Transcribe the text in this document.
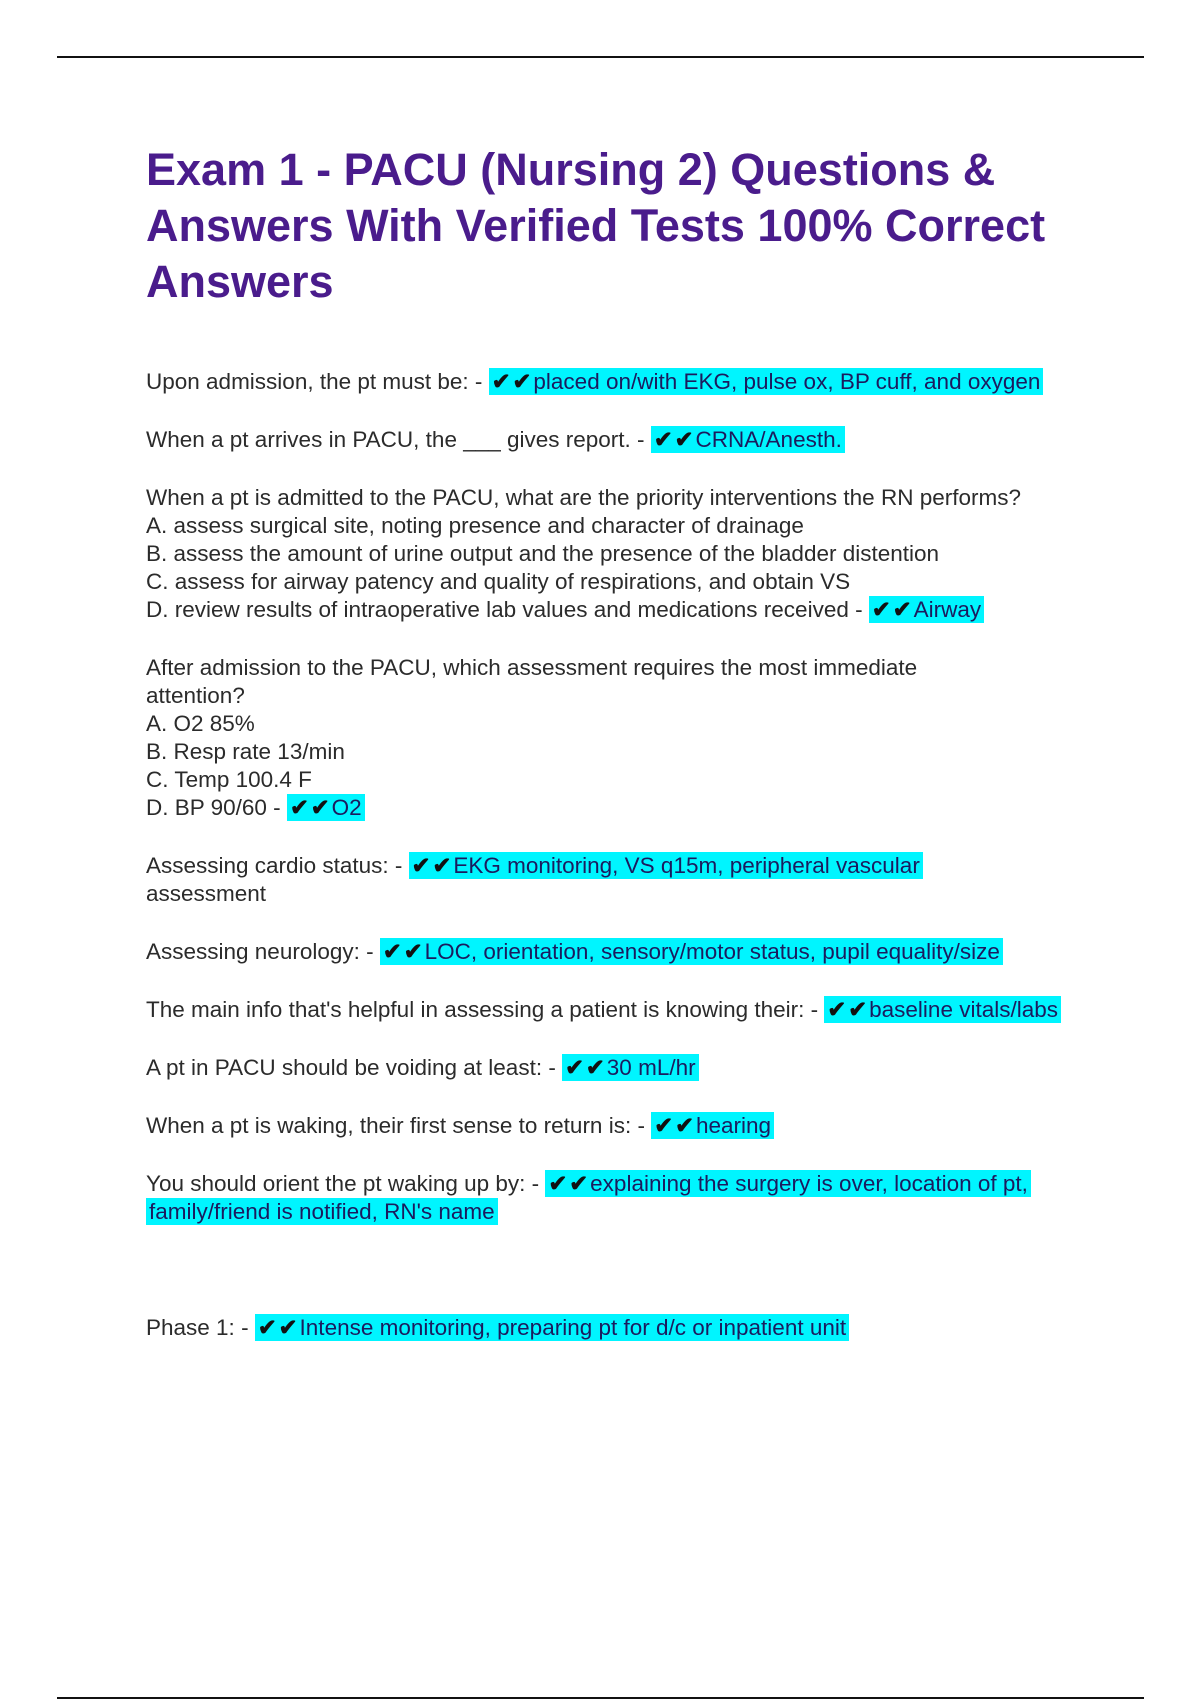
Exam 1 - PACU (Nursing 2) Questions & Answers With Verified Tests 100% Correct Answers

Upon admission, the pt must be: - ✔✔placed on/with EKG, pulse ox, BP cuff, and oxygen

When a pt arrives in PACU, the ___ gives report. - ✔✔CRNA/Anesth.

When a pt is admitted to the PACU, what are the priority interventions the RN performs?
A. assess surgical site, noting presence and character of drainage
B. assess the amount of urine output and the presence of the bladder distention
C. assess for airway patency and quality of respirations, and obtain VS
D. review results of intraoperative lab values and medications received - ✔✔Airway

After admission to the PACU, which assessment requires the most immediate attention?
A. O2 85%
B. Resp rate 13/min
C. Temp 100.4 F
D. BP 90/60 - ✔✔O2

Assessing cardio status: - ✔✔EKG monitoring, VS q15m, peripheral vascular
assessment

Assessing neurology: - ✔✔LOC, orientation, sensory/motor status, pupil equality/size

The main info that's helpful in assessing a patient is knowing their: - ✔✔baseline vitals/labs

A pt in PACU should be voiding at least: - ✔✔30 mL/hr

When a pt is waking, their first sense to return is: - ✔✔hearing

You should orient the pt waking up by: - ✔✔explaining the surgery is over, location of pt, family/friend is notified, RN's name

Phase 1: - ✔✔Intense monitoring, preparing pt for d/c or inpatient unit
